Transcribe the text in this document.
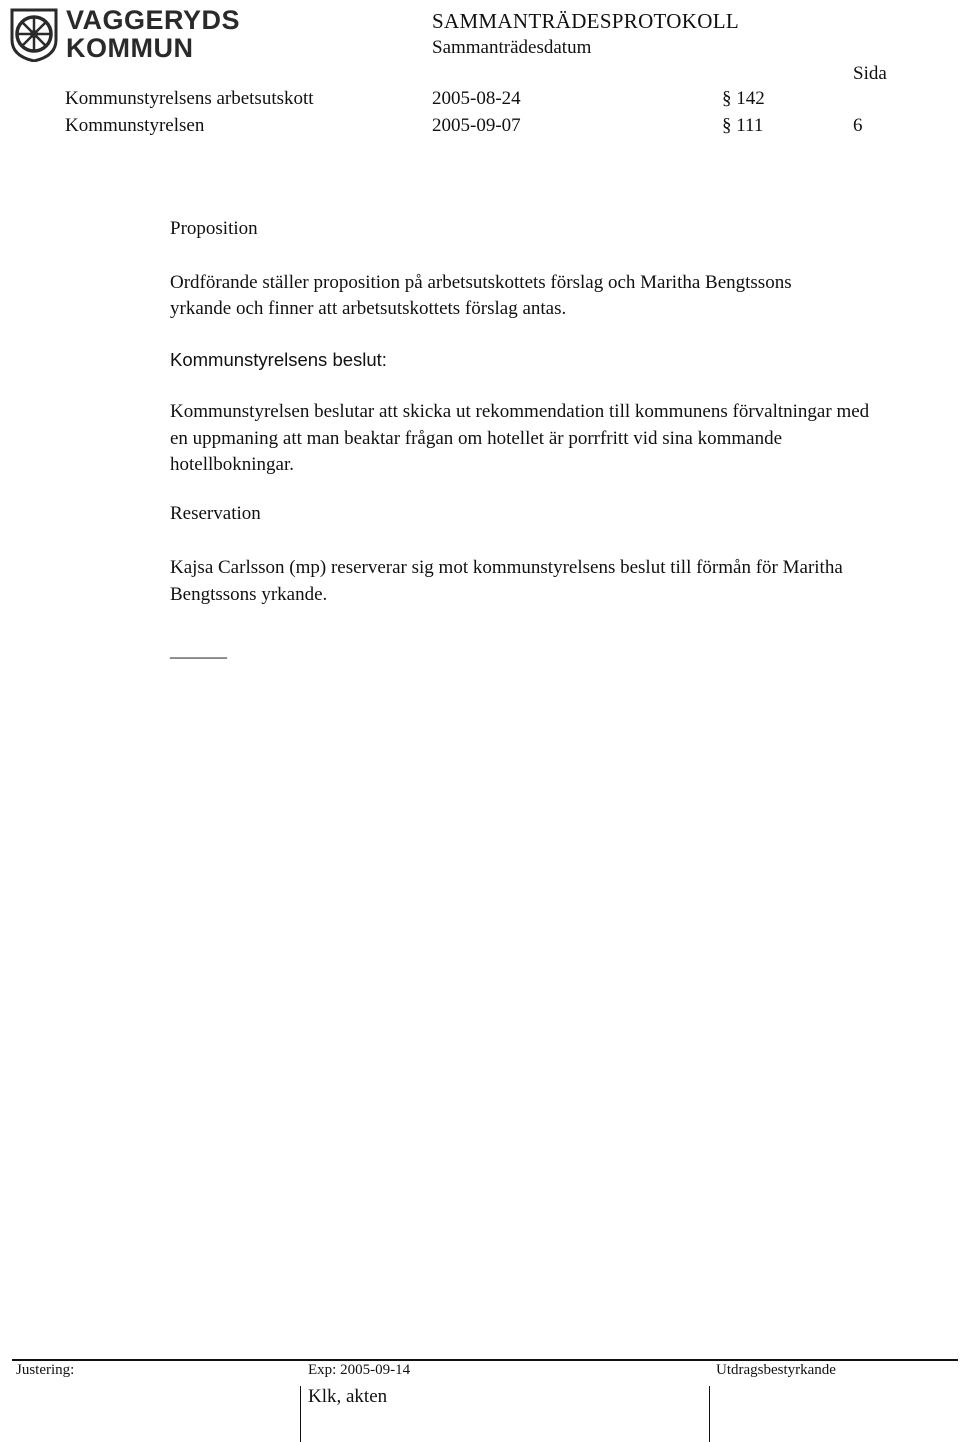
VAGGERYDS
KOMMUN
SAMMANTRÄDESPROTOKOLL
Sammanträdesdatum
Sida
Kommunstyrelsens arbetsutskott	2005-08-24	§ 142
Kommunstyrelsen	2005-09-07	§ 111	6
Proposition
Ordförande ställer proposition på arbetsutskottets förslag och Maritha Bengtssons yrkande och finner att arbetsutskottets förslag antas.
Kommunstyrelsens beslut:
Kommunstyrelsen beslutar att skicka ut rekommendation till kommunens förvaltningar med en uppmaning att man beaktar frågan om hotellet är porrfritt vid sina kommande hotellbokningar.
Reservation
Kajsa Carlsson (mp) reserverar sig mot kommunstyrelsens beslut till förmån för Maritha Bengtssons yrkande.
______
Justering:	Exp: 2005-09-14	Utdragsbestyrkande
Klk, akten
